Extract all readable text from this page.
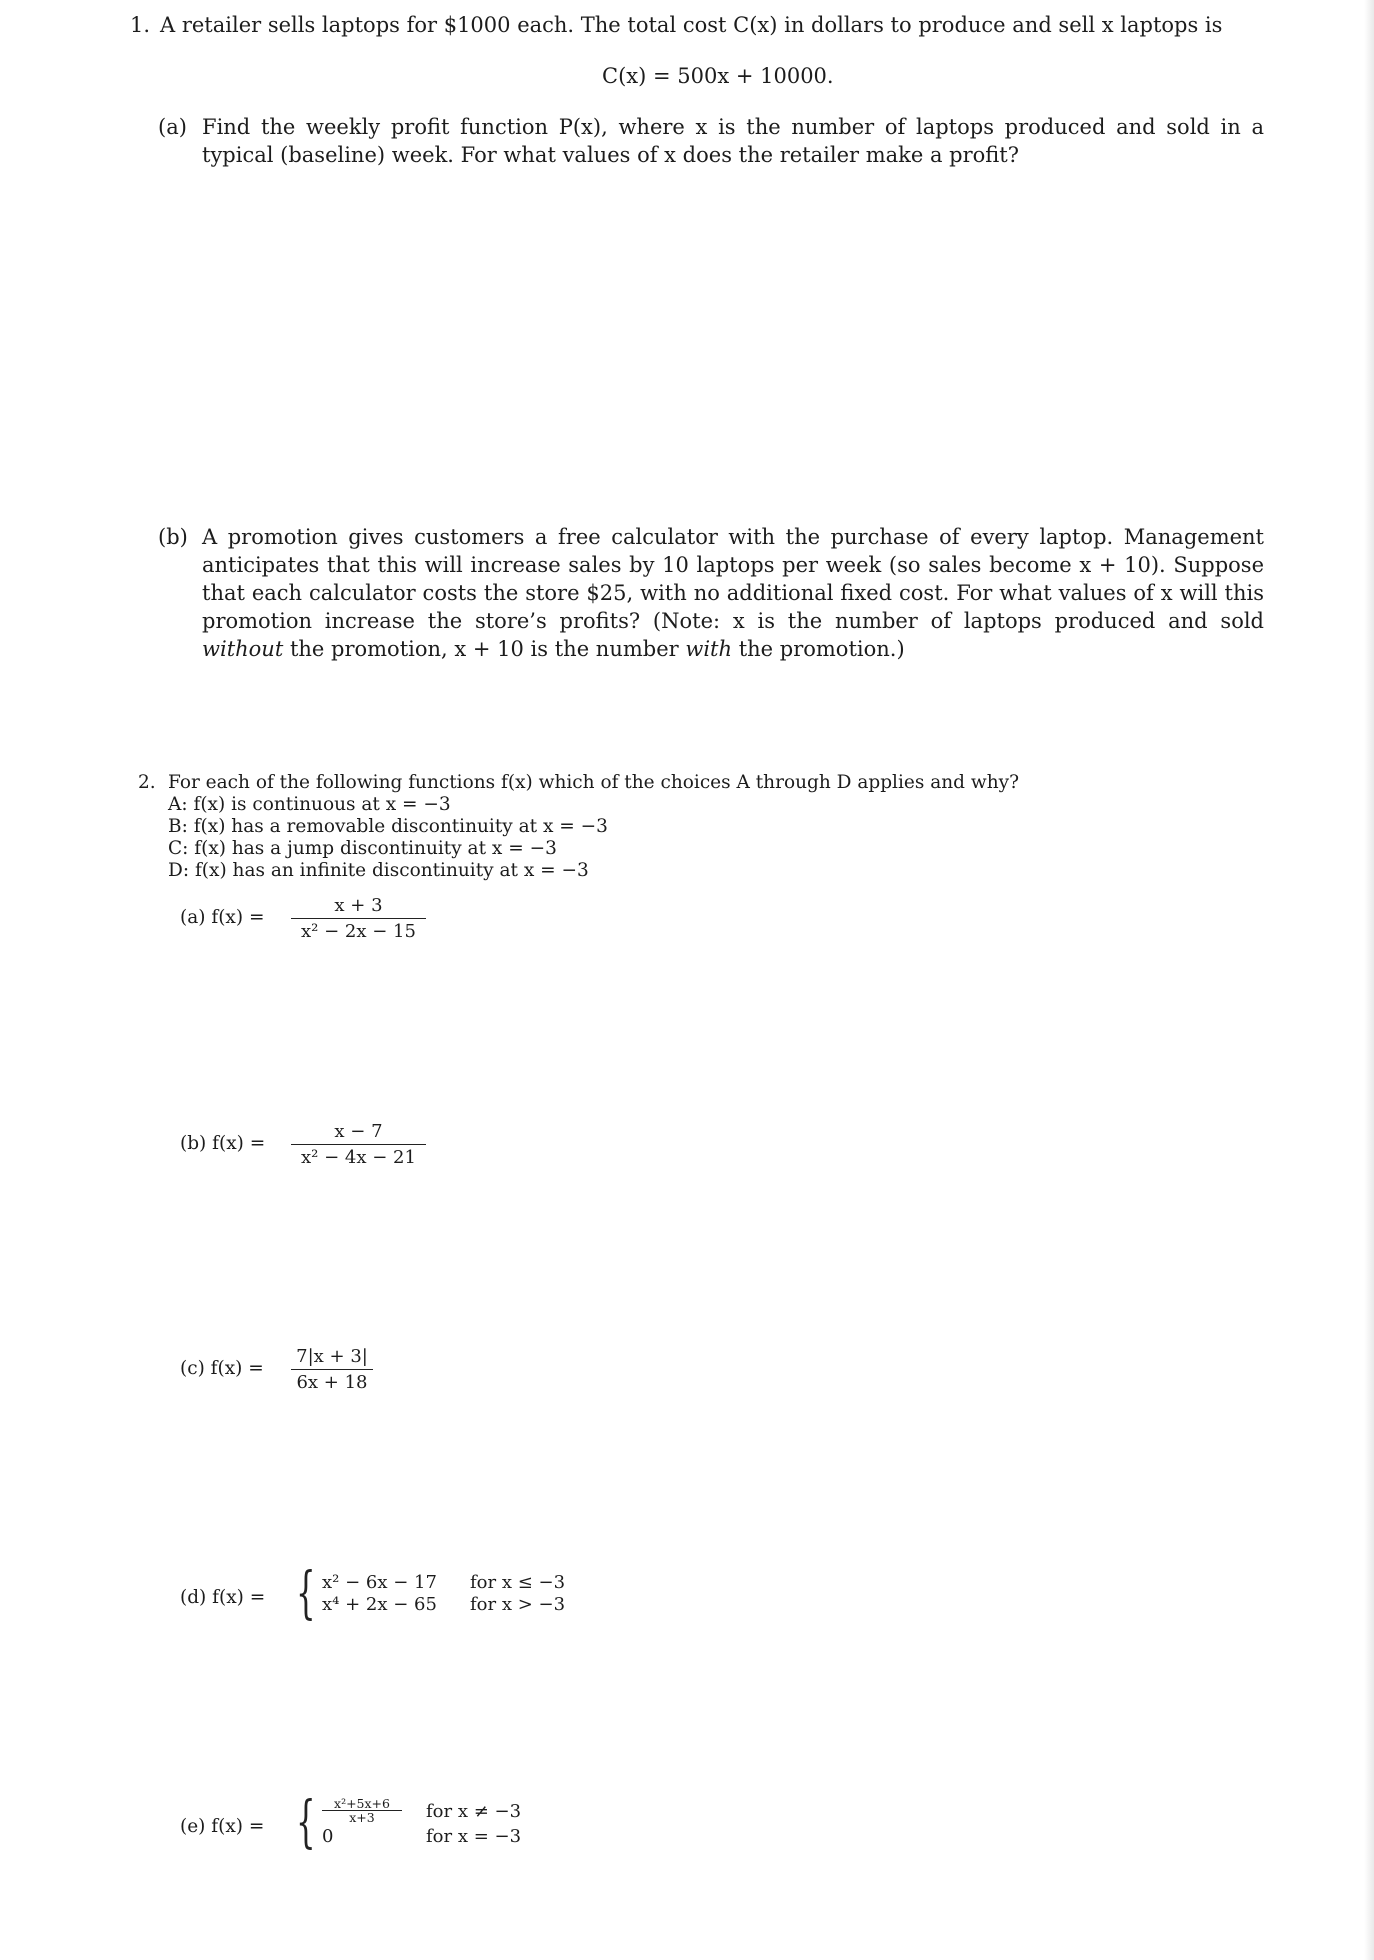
1. A retailer sells laptops for $1000 each. The total cost C(x) in dollars to produce and sell x laptops is
C(x) = 500x + 10000.
(a) Find the weekly profit function P(x), where x is the number of laptops produced and sold in a typical (baseline) week. For what values of x does the retailer make a profit?
(b) A promotion gives customers a free calculator with the purchase of every laptop. Management anticipates that this will increase sales by 10 laptops per week (so sales become x + 10). Suppose that each calculator costs the store $25, with no additional fixed cost. For what values of x will this promotion increase the store’s profits? (Note: x is the number of laptops produced and sold without the promotion, x + 10 is the number with the promotion.)
2. For each of the following functions f(x) which of the choices A through D applies and why?
A: f(x) is continuous at x = −3
B: f(x) has a removable discontinuity at x = −3
C: f(x) has a jump discontinuity at x = −3
D: f(x) has an infinite discontinuity at x = −3
(a) $f(x) = \frac{x + 3}{\text{x² − 2x − 15}}$
(b) $f(x) = \frac{x - 7}{\text{x² − 4x − 21}}$
(c) $f(x) = \frac{7|x + 3|}{6x + 18}$
(d) f(x) = { x² − 6x − 17 for x ≤ −3
x⁴ + 2x − 65 for x > −3
(e) f(x) = { $\frac{\text{x²+5x+6}}{x+3}$ for x ≠ −3
0	for x = −3
